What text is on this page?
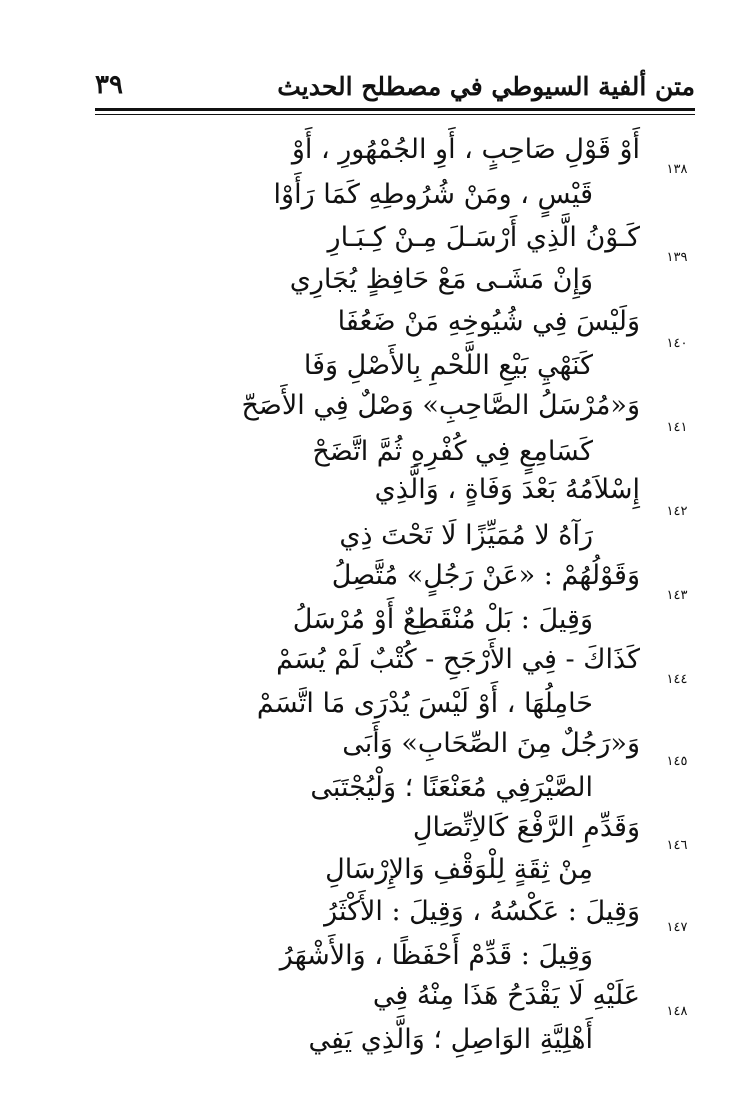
متن ألفية السيوطي في مصطلح الحديث
٣٩
١٣٨
أَوْ قَوْلِ صَاحِبٍ ، أَوِ الجُمْهُورِ ، أَوْ
قَيْسٍ ، ومَنْ شُرُوطِهِ كَمَا رَأَوْا
١٣٩
كَـوْنُ الَّذِي أَرْسَـلَ مِـنْ كِـبَـارِ
وَإِنْ مَشَـى مَعْ حَافِظٍ يُجَارِي
١٤٠
وَلَيْسَ فِي شُيُوخِهِ مَنْ ضَعُفَا
كَنَهْيِ بَيْعِ اللَّحْمِ بِالأَصْلِ وَفَا
١٤١
وَ«مُرْسَلُ الصَّاحِبِ» وَصْلٌ فِي الأَصَحّ
كَسَامِعٍ فِي كُفْرِهِ ثُمَّ اتَّضَحْ
١٤٢
إِسْلاَمُهُ بَعْدَ وَفَاةٍ ، وَالَّذِي
رَآهُ لا مُمَيِّزًا لَا تَحْتَ ذِي
١٤٣
وَقَوْلُهُمْ : «عَنْ رَجُلٍ» مُتَّصِلُ
وَقِيلَ : بَلْ مُنْقَطِعٌ أَوْ مُرْسَلُ
١٤٤
كَذَاكَ - فِي الأَرْجَحِ - كُتْبٌ لَمْ يُسَمْ
حَامِلُهَا ، أَوْ لَيْسَ يُدْرَى مَا اتَّسَمْ
١٤٥
وَ«رَجُلٌ مِنَ الصِّحَابِ» وَأَبَى
الصَّيْرَفِي مُعَنْعَنًا ؛ وَلْيُجْتَبَى
١٤٦
وَقَدِّمِ الرَّفْعَ كَالاِتِّصَالِ
مِنْ ثِقَةٍ لِلْوَقْفِ وَالإِرْسَالِ
١٤٧
وَقِيلَ : عَكْسُهُ ، وَقِيلَ : الأَكْثَرُ
وَقِيلَ : قَدِّمْ أَحْفَظًا ، وَالأَشْهَرُ
١٤٨
عَلَيْهِ لَا يَقْدَحُ هَذَا مِنْهُ فِي
أَهْلِيَّةِ الوَاصِلِ ؛ وَالَّذِي يَفِي
